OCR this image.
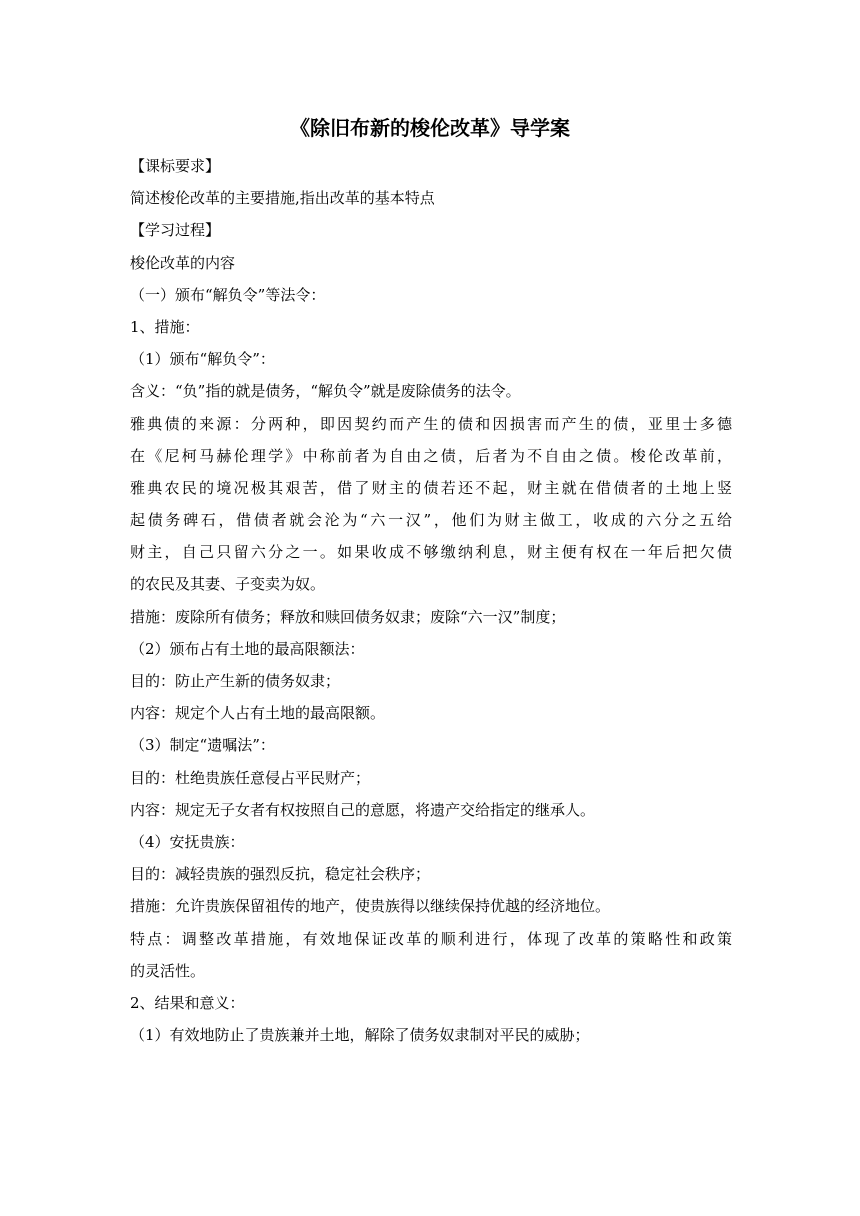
《除旧布新的梭伦改革》导学案
【课标要求】
简述梭伦改革的主要措施,指出改革的基本特点
【学习过程】
梭伦改革的内容
（一）颁布“解负令”等法令：
1、措施：
（1）颁布“解负令”：
含义：“负”指的就是债务，“解负令”就是废除债务的法令。
雅典债的来源：分两种，即因契约而产生的债和因损害而产生的债，亚里士多德
在《尼柯马赫伦理学》中称前者为自由之债，后者为不自由之债。梭伦改革前，
雅典农民的境况极其艰苦，借了财主的债若还不起，财主就在借债者的土地上竖
起债务碑石，借债者就会沦为“六一汉”，他们为财主做工，收成的六分之五给
财主，自己只留六分之一。如果收成不够缴纳利息，财主便有权在一年后把欠债
的农民及其妻、子变卖为奴。
措施：废除所有债务；释放和赎回债务奴隶；废除“六一汉”制度；
（2）颁布占有土地的最高限额法：
目的：防止产生新的债务奴隶；
内容：规定个人占有土地的最高限额。
（3）制定“遗嘱法”：
目的：杜绝贵族任意侵占平民财产；
内容：规定无子女者有权按照自己的意愿，将遗产交给指定的继承人。
（4）安抚贵族：
目的：减轻贵族的强烈反抗，稳定社会秩序；
措施：允许贵族保留祖传的地产，使贵族得以继续保持优越的经济地位。
特点：调整改革措施，有效地保证改革的顺利进行，体现了改革的策略性和政策
的灵活性。
2、结果和意义：
（1）有效地防止了贵族兼并土地，解除了债务奴隶制对平民的威胁；
